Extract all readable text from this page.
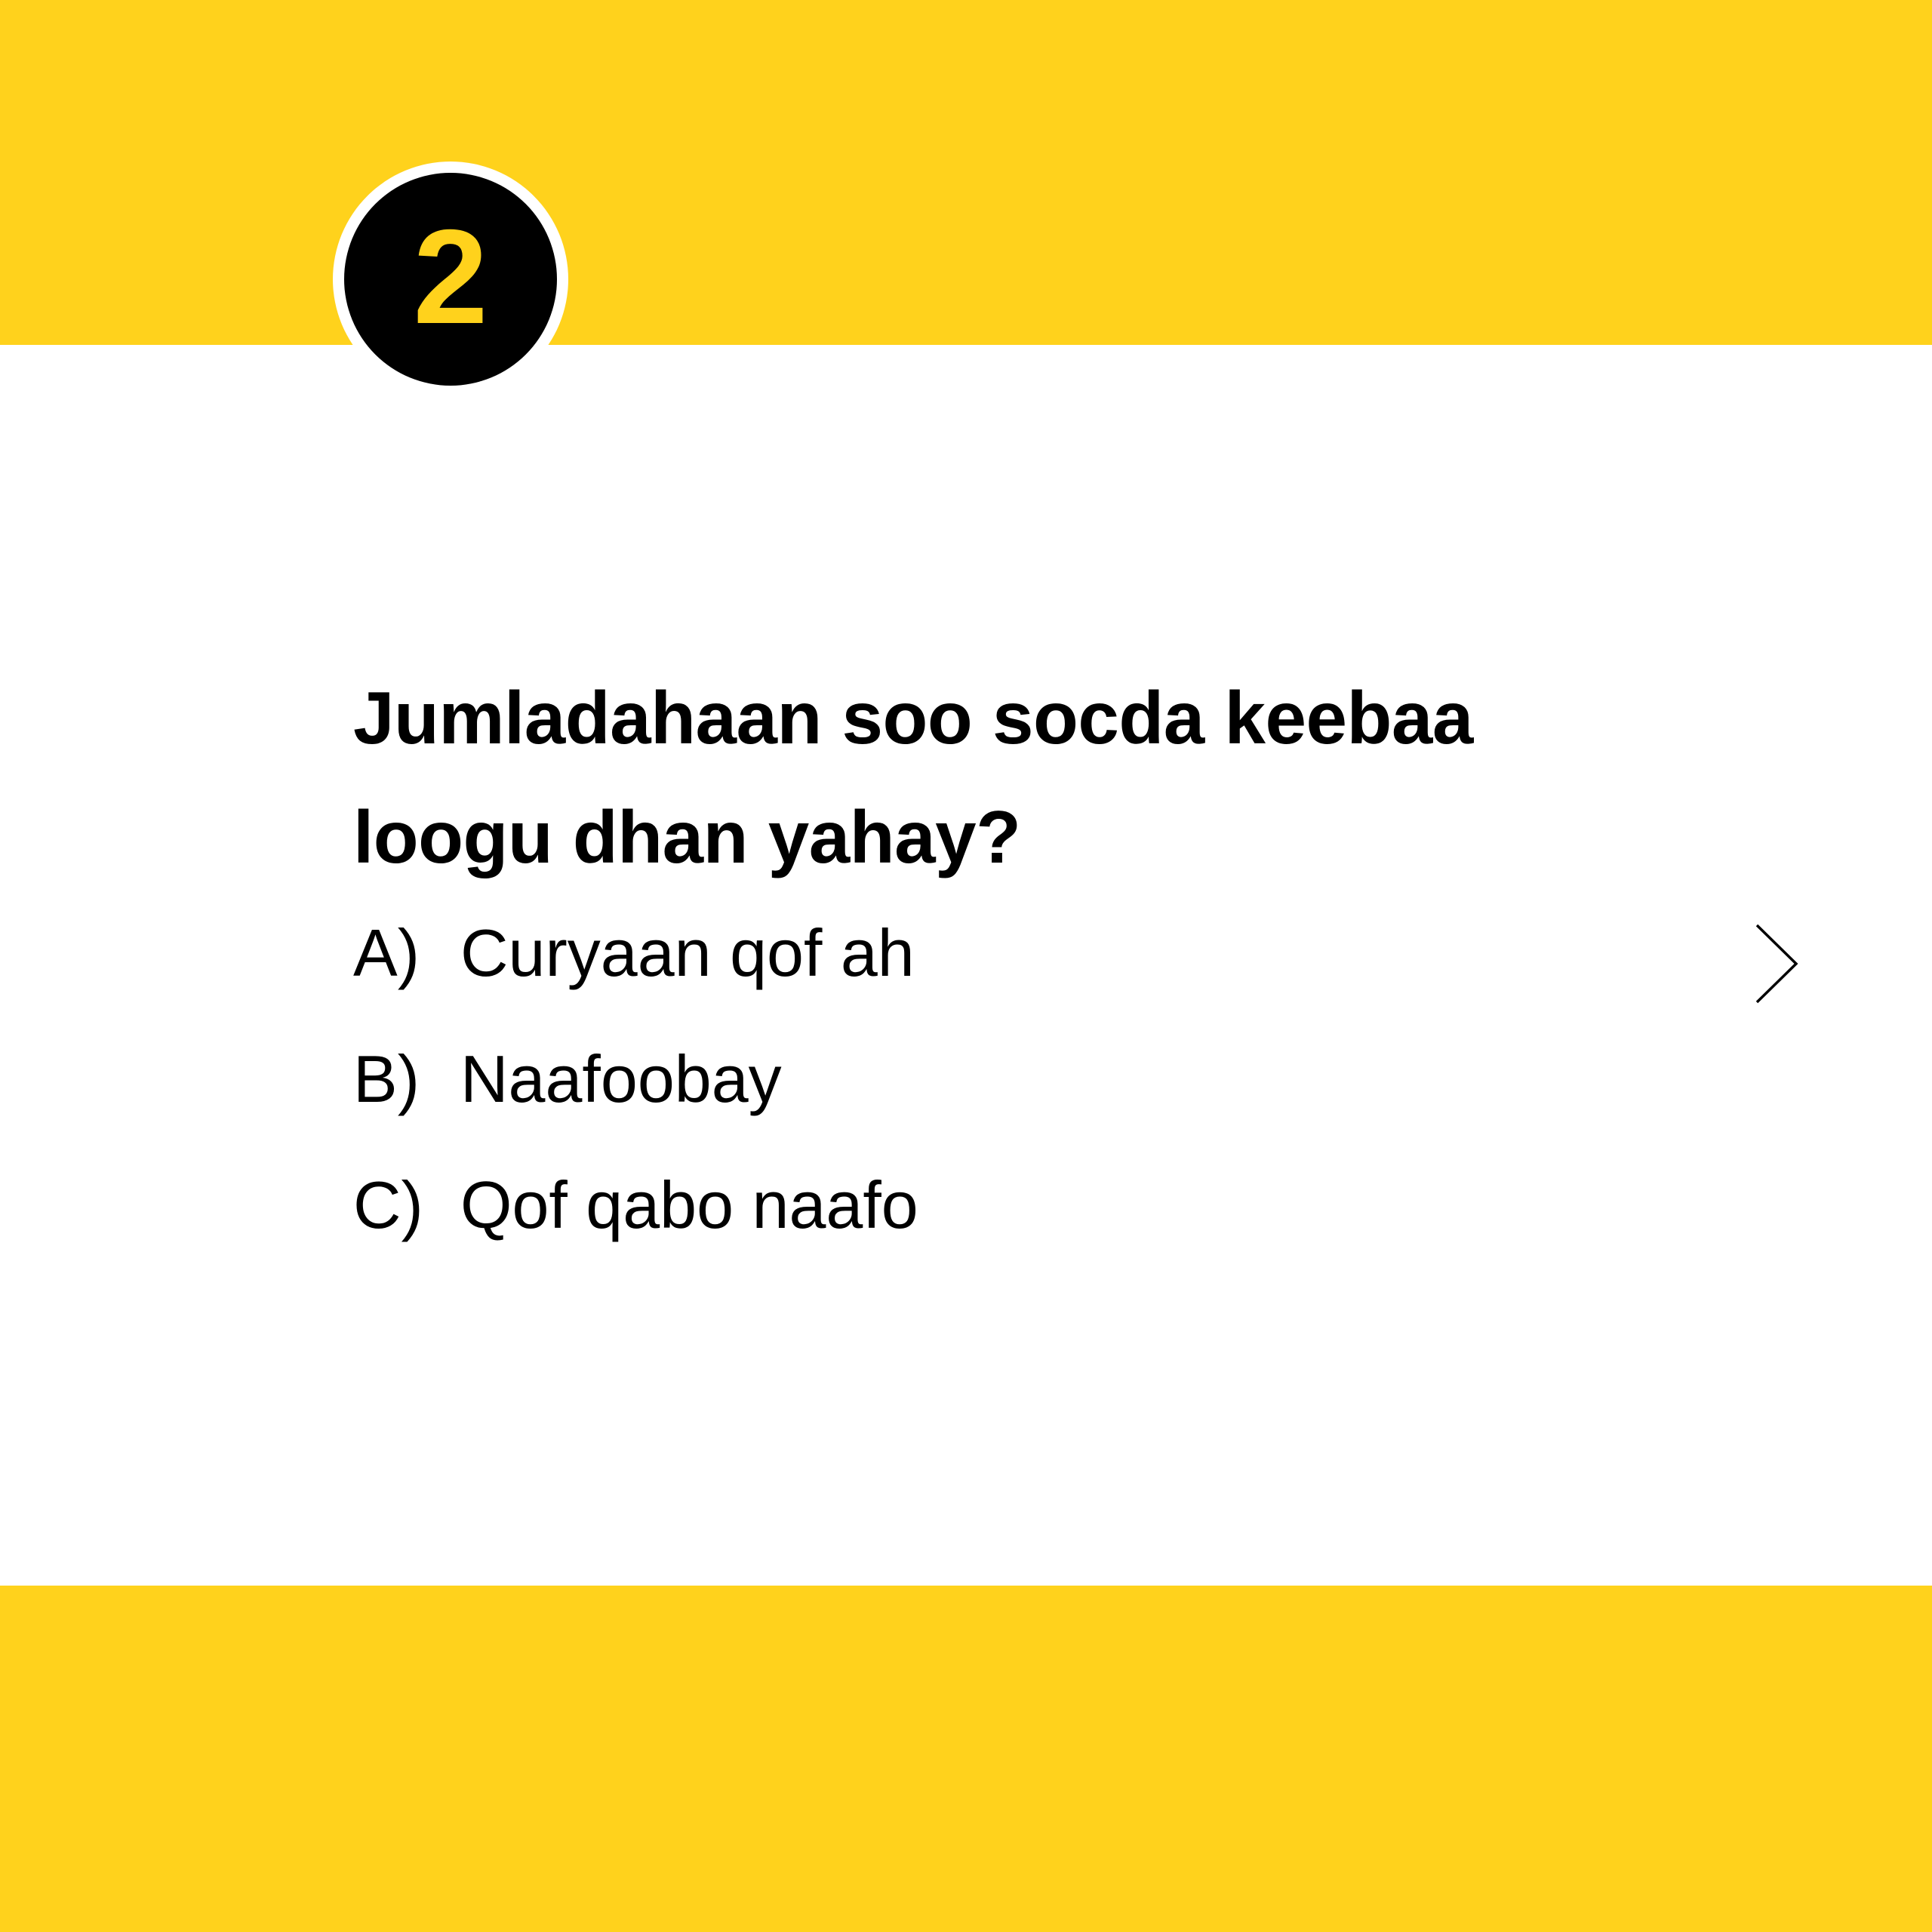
2
Jumladahaan soo socda keebaa
loogu dhan yahay?
A) Curyaan qof ah
B) Naafoobay
C) Qof qabo naafo
